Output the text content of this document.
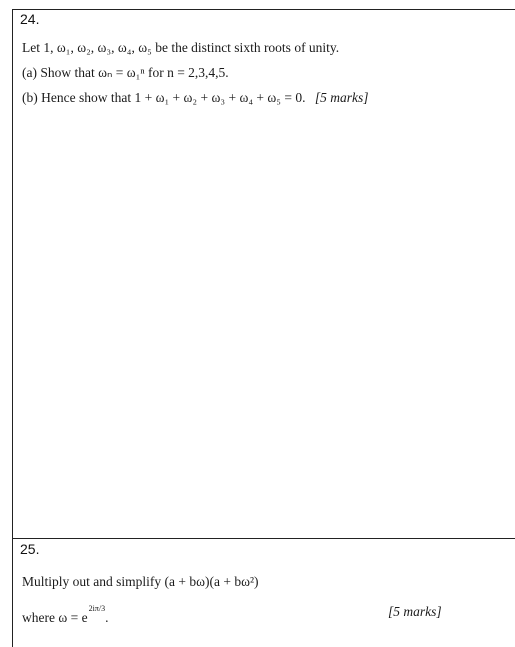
24.
Let 1, ω₁, ω₂, ω₃, ω₄, ω₅ be the distinct sixth roots of unity.
(a) Show that ωₙ = ω₁ⁿ for n = 2,3,4,5.
(b) Hence show that 1 + ω₁ + ω₂ + ω₃ + ω₄ + ω₅ = 0. [5 marks]
25.
Multiply out and simplify (a + bω)(a + bω²)
where ω = e2iπ/3.	[5 marks]
